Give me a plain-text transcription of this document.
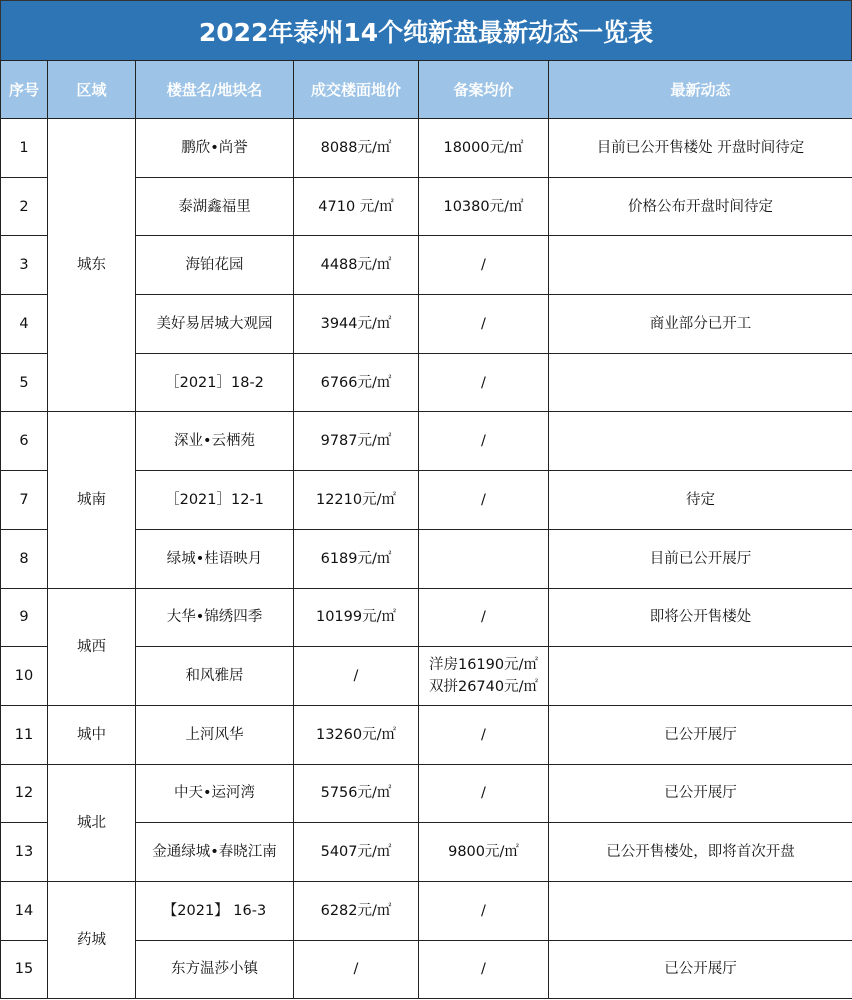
2022年泰州14个纯新盘最新动态一览表
序号	区域	楼盘名/地块名	成交楼面地价	备案均价	最新动态
1	城东	鹏欣•尚誉	8088元/㎡	18000元/㎡	目前已公开售楼处 开盘时间待定
2		泰湖鑫福里	4710 元/㎡	10380元/㎡	价格公布开盘时间待定
3		海铂花园	4488元/㎡	/	
4		美好易居城大观园	3944元/㎡	/	商业部分已开工
5		［2021］18-2	6766元/㎡	/	
6	城南	深业•云栖苑	9787元/㎡	/	
7		［2021］12-1	12210元/㎡	/	待定
8		绿城•桂语映月	6189元/㎡		目前已公开展厅
9	城西	大华•锦绣四季	10199元/㎡	/	即将公开售楼处
10		和风雅居	/	洋房16190元/㎡
双拼26740元/㎡	

11	城中	上河风华	13260元/㎡	/	已公开展厅
12	城北	中天•运河湾	5756元/㎡	/	已公开展厅
13		金通绿城•春晓江南	5407元/㎡	9800元/㎡	已公开售楼处，即将首次开盘
14	药城	【2021】 16-3	6282元/㎡	/	
15		东方温莎小镇	/	/	已公开展厅
